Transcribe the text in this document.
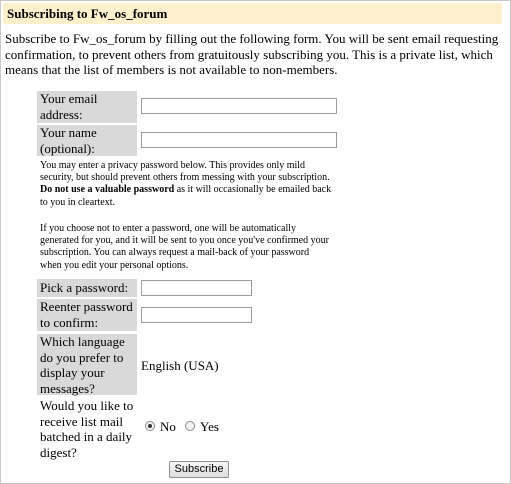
Subscribing to Fw_os_forum
Subscribe to Fw_os_forum by filling out the following form. You will be sent email requesting
confirmation, to prevent others from gratuitously subscribing you. This is a private list, which
means that the list of members is not available to non-members.
Your email
address:
Your name
(optional):
You may enter a privacy password below. This provides only mild
security, but should prevent others from messing with your subscription.
Do not use a valuable password as it will occasionally be emailed back
to you in cleartext.
If you choose not to enter a password, one will be automatically
generated for you, and it will be sent to you once you've confirmed your
subscription. You can always request a mail-back of your password
when you edit your personal options.
Pick a password:
Reenter password
to confirm:
Which language
do you prefer to
display your
messages?
English (USA)
Would you like to
receive list mail
batched in a daily
digest?
No Yes
Subscribe
